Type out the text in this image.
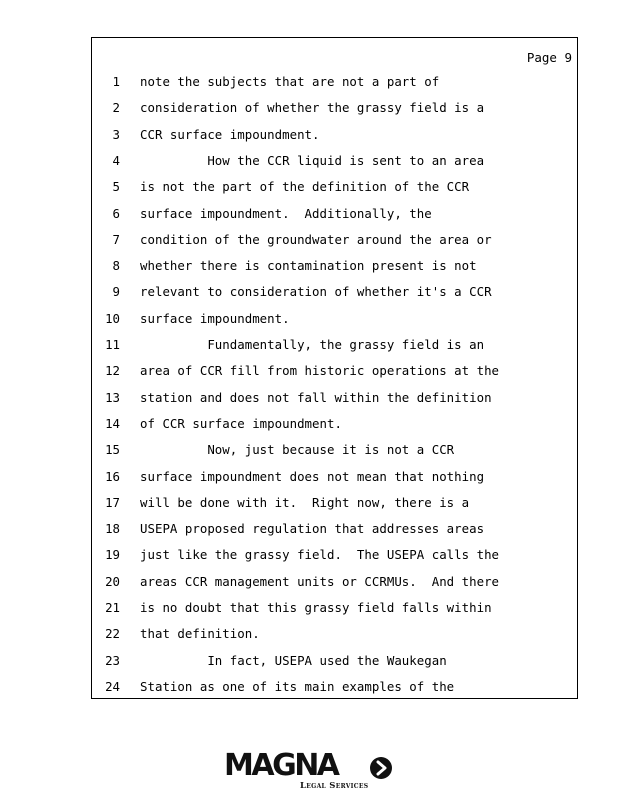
Page 9
1 note the subjects that are not a part of
2 consideration of whether the grassy field is a
3 CCR surface impoundment.
4 How the CCR liquid is sent to an area
5 is not the part of the definition of the CCR
6 surface impoundment.  Additionally, the
7 condition of the groundwater around the area or
8 whether there is contamination present is not
9 relevant to consideration of whether it's a CCR
10 surface impoundment.
11 Fundamentally, the grassy field is an
12 area of CCR fill from historic operations at the
13 station and does not fall within the definition
14 of CCR surface impoundment.
15 Now, just because it is not a CCR
16 surface impoundment does not mean that nothing
17 will be done with it.  Right now, there is a
18 USEPA proposed regulation that addresses areas
19 just like the grassy field.  The USEPA calls the
20 areas CCR management units or CCRMUs.  And there
21 is no doubt that this grassy field falls within
22 that definition.
23 In fact, USEPA used the Waukegan
24 Station as one of its main examples of the
MAGNA
Legal Services
